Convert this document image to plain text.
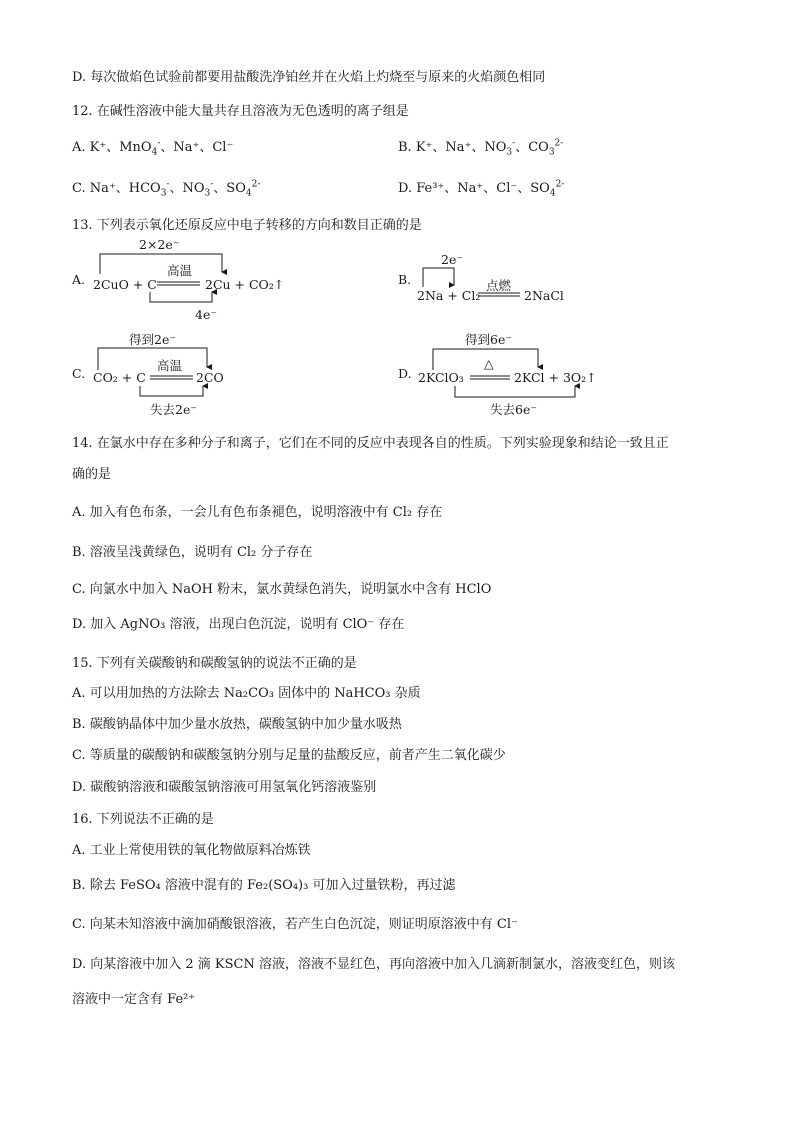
D. 每次做焰色试验前都要用盐酸洗净铂丝并在火焰上灼烧至与原来的火焰颜色相同
12. 在碱性溶液中能大量共存且溶液为无色透明的离子组是
A. K⁺、MnO$_4$-、Na⁺、Cl⁻	B. K⁺、Na⁺、$NO_3^-$、$CO_3^{2-}$
C. Na⁺、$HCO_3^-$、$NO_3^-$、$SO_4^{2-}$	D. Fe³⁺、Na⁺、Cl⁻、$SO_4^{2-}$
13. 下列表示氧化还原反应中电子转移的方向和数目正确的是
A.
2×2e⁻
高温
2CuO + C	2Cu + CO₂↑
4e⁻
B.
2e⁻
点燃
2Na + Cl₂	2NaCl
C.
得到2e⁻
高温
CO₂ + C	2CO
失去2e⁻
D.
得到6e⁻
△
2KClO₃	2KCl + 3O₂↑
失去6e⁻
14. 在氯水中存在多种分子和离子，它们在不同的反应中表现各自的性质。下列实验现象和结论一致且正
确的是
A. 加入有色布条，一会儿有色布条褪色，说明溶液中有 Cl₂ 存在
B. 溶液呈浅黄绿色，说明有 Cl₂ 分子存在
C. 向氯水中加入 NaOH 粉末，氯水黄绿色消失，说明氯水中含有 HClO
D. 加入 AgNO₃ 溶液，出现白色沉淀，说明有 ClO⁻ 存在
15. 下列有关碳酸钠和碳酸氢钠的说法不正确的是
A. 可以用加热的方法除去 Na₂CO₃ 固体中的 NaHCO₃ 杂质
B. 碳酸钠晶体中加少量水放热，碳酸氢钠中加少量水吸热
C. 等质量的碳酸钠和碳酸氢钠分别与足量的盐酸反应，前者产生二氧化碳少
D. 碳酸钠溶液和碳酸氢钠溶液可用氢氧化钙溶液鉴别
16. 下列说法不正确的是
A. 工业上常使用铁的氧化物做原料冶炼铁
B. 除去 FeSO₄ 溶液中混有的 Fe₂(SO₄)₃ 可加入过量铁粉，再过滤
C. 向某未知溶液中滴加硝酸银溶液，若产生白色沉淀，则证明原溶液中有 Cl⁻
D. 向某溶液中加入 2 滴 KSCN 溶液，溶液不显红色，再向溶液中加入几滴新制氯水，溶液变红色，则该
溶液中一定含有 Fe²⁺
